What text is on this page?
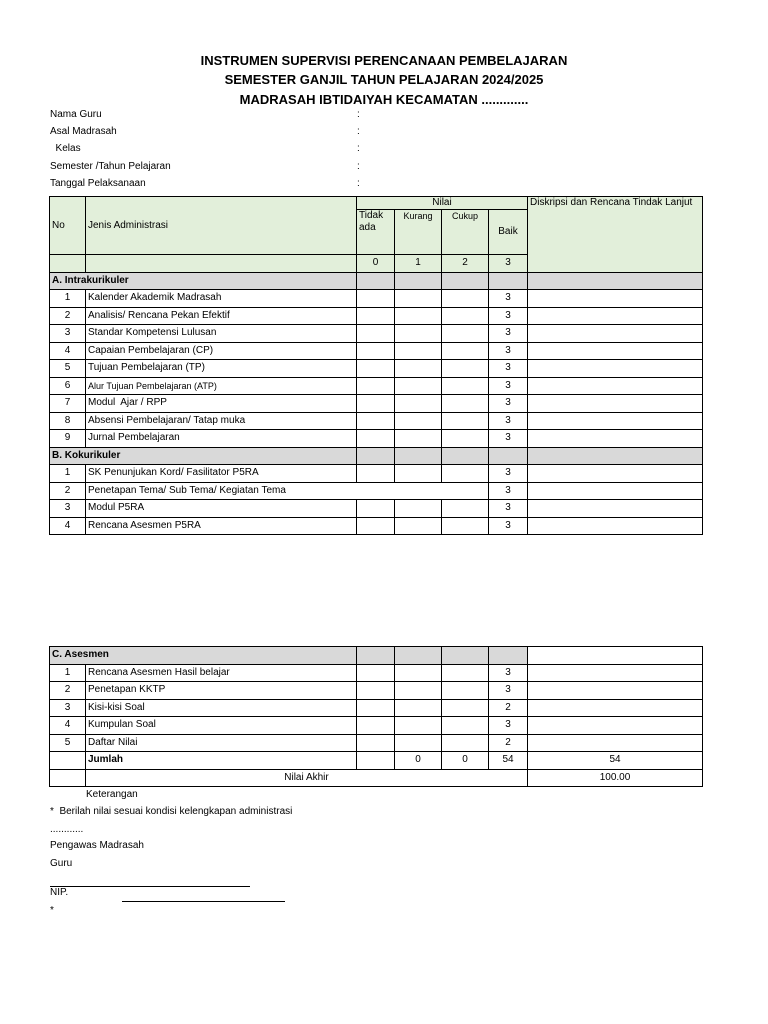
INSTRUMEN SUPERVISI PERENCANAAN PEMBELAJARAN
SEMESTER GANJIL TAHUN PELAJARAN 2024/2025
MADRASAH IBTIDAIYAH KECAMATAN .............
Nama Guru	:
Asal Madrasah	:
Kelas	:
Semester /Tahun Pelajaran	:
Tanggal Pelaksanaan	:
No	Jenis Administrasi	Nilai				Diskripsi dan Rencana Tindak Lanjut
		Tidak ada	Kurang	Cukup	Baik	
		0	1	2	3	
A. Intrakurikuler						
1	Kalender Akademik Madrasah				3	
2	Analisis/ Rencana Pekan Efektif				3	
3	Standar Kompetensi Lulusan				3	
4	Capaian Pembelajaran (CP)				3	
5	Tujuan Pembelajaran (TP)				3	
6	Alur Tujuan Pembelajaran (ATP)				3	
7	Modul  Ajar / RPP				3	
8	Absensi Pembelajaran/ Tatap muka				3	
9	Jurnal Pembelajaran				3	
B. Kokurikuler						
1	SK Penunjukan Kord/ Fasilitator P5RA				3	
2	Penetapan Tema/ Sub Tema/ Kegiatan Tema				3	
3	Modul P5RA				3	
4	Rencana Asesmen P5RA				3	
C. Asesmen						
1	Rencana Asesmen Hasil belajar				3	
2	Penetapan KKTP				3	
3	Kisi-kisi Soal				2	
4	Kumpulan Soal				3	
5	Daftar Nilai				2	
	Jumlah		0	0	54	54
	Nilai Akhir					100.00
Keterangan
*  Berilah nilai sesuai kondisi kelengkapan administrasi
............
Pengawas Madrasah
Guru
NIP.
*
